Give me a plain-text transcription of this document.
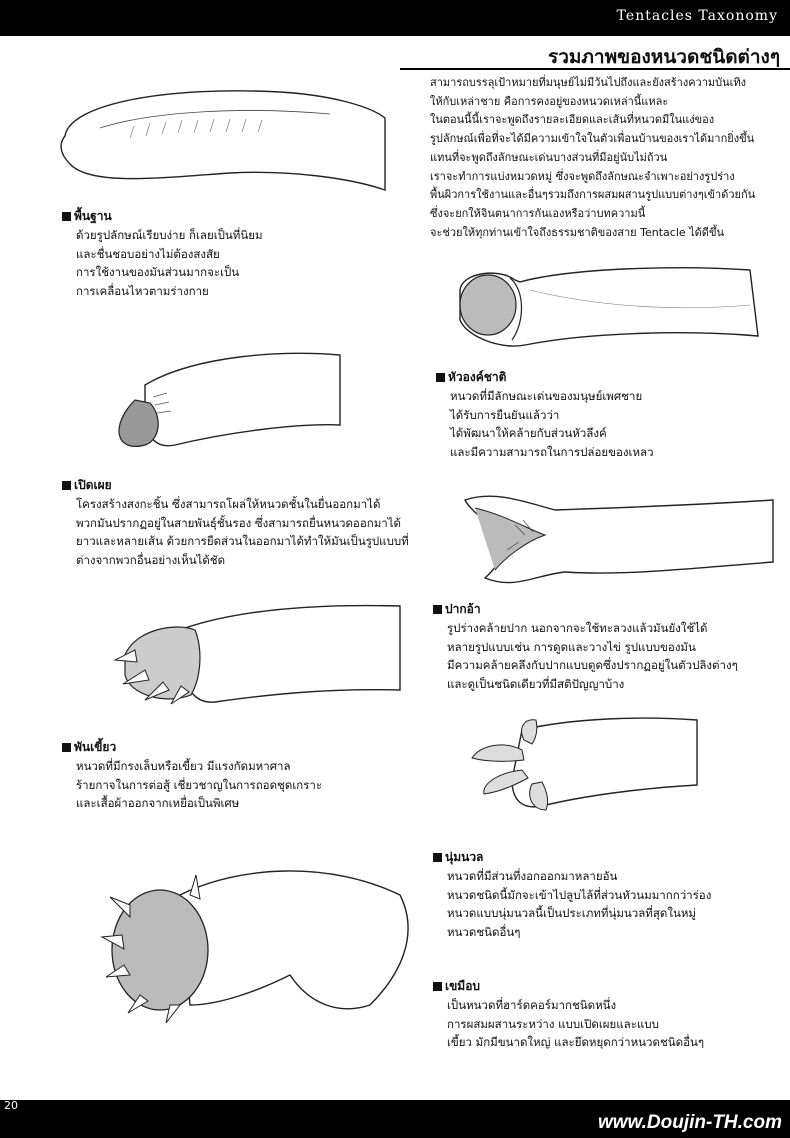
Tentacles Taxonomy
รวมภาพของหนวดชนิดต่างๆ
สามารถบรรลุเป้าหมายที่มนุษย์ไม่มีวันไปถึงและยังสร้างความบันเทิง
ให้กับเหล่าชาย คือการคงอยู่ของหนวดเหล่านี้แหละ
ในตอนนี้นี้เราจะพูดถึงรายละเอียดและเส้นที่หนวดมีในแง่ของ
รูปลักษณ์เพื่อที่จะได้มีความเข้าใจในตัวเพื่อนบ้านของเราได้มากยิ่งขึ้น
แทนที่จะพูดถึงลักษณะเด่นบางส่วนที่มีอยู่นับไม่ถ้วน
เราจะทำการแบ่งหมวดหมู่ ซึ่งจะพูดถึงลักษณะจำเพาะอย่างรูปร่าง
พื้นผิวการใช้งานและอื่นๆรวมถึงการผสมผสานรูปแบบต่างๆเข้าด้วยกัน
ซึ่งจะยกให้จินตนาการกันเองหรือว่าบทความนี้
จะช่วยให้ทุกท่านเข้าใจถึงธรรมชาติของสาย Tentacle ได้ดีขึ้น
พื้นฐาน
ด้วยรูปลักษณ์เรียบง่าย ก็เลยเป็นที่นิยม
และชื่นชอบอย่างไม่ต้องสงสัย
การใช้งานของมันส่วนมากจะเป็น
การเคลื่อนไหวตามร่างกาย
หัวองค์ชาติ
หนวดที่มีลักษณะเด่นของมนุษย์เพศชาย
ได้รับการยืนยันแล้วว่า
ได้พัฒนาให้คล้ายกับส่วนหัวลึงค์
และมีความสามารถในการปล่อยของเหลว
เปิดเผย
โครงสร้างสงกะชิ้น ซึ่งสามารถโผล่ให้หนวดชั้นในยื่นออกมาได้
พวกมันปรากฏอยู่ในสายพันธุ์ชั้นรอง ซึ่งสามารถยื่นหนวดออกมาได้
ยาวและหลายเส้น ด้วยการยืดส่วนในออกมาได้ทำให้มันเป็นรูปแบบที่
ต่างจากพวกอื่นอย่างเห็นได้ชัด
ปากอ้า
รูปร่างคล้ายปาก นอกจากจะใช้ทะลวงแล้วมันยังใช้ได้
หลายรูปแบบเช่น การดูดและวางไข่ รูปแบบของมัน
มีความคล้ายคลึงกับปากแบบดูดซึ่งปรากฏอยู่ในตัวปลิงต่างๆ
และดูเป็นชนิดเดียวที่มีสติปัญญาบ้าง
พันเขี้ยว
หนวดที่มีกรงเล็บหรือเขี้ยว มีแรงกัดมหาศาล
ร้ายกาจในการต่อสู้ เชี่ยวชาญในการถอดชุดเกราะ
และเสื้อผ้าออกจากเหยื่อเป็นพิเศษ
นุ่มนวล
หนวดที่มีส่วนที่งอกออกมาหลายอัน
หนวดชนิดนี้มักจะเข้าไปลูบไล้ที่ส่วนหัวนมมากกว่าร่อง
หนวดแบบนุ่มนวลนี้เป็นประเภทที่นุ่มนวลที่สุดในหมู่
หนวดชนิดอื่นๆ
เขมือบ
เป็นหนวดที่ฮาร์ดคอร์มากชนิดหนึ่ง
การผสมผสานระหว่าง แบบเปิดเผยและแบบ
เขี้ยว มักมีขนาดใหญ่ และยึดหยุดกว่าหนวดชนิดอื่นๆ
20
www.Doujin-TH.com
